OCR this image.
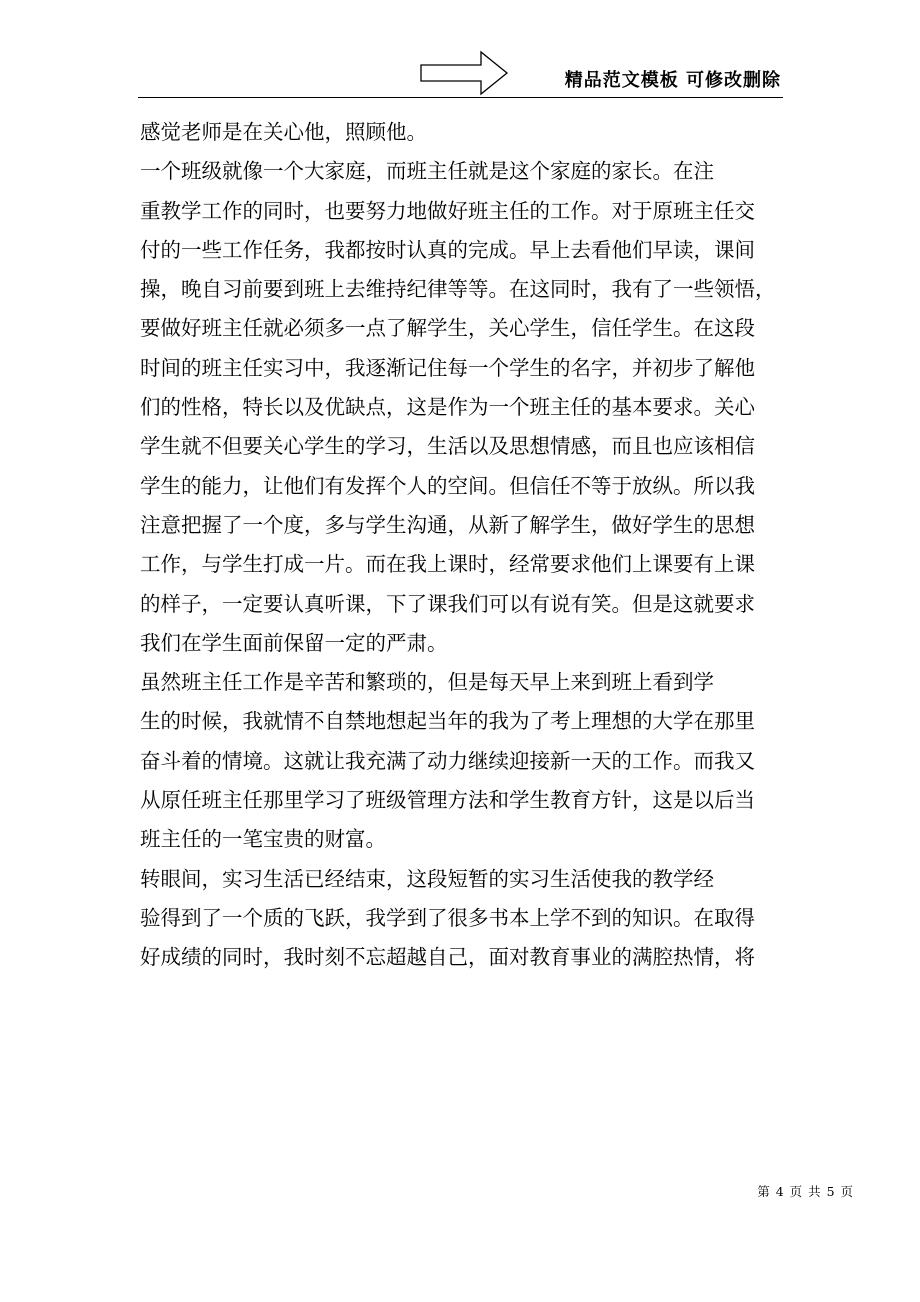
精品范文模板 可修改删除
感觉老师是在关心他，照顾他。
一个班级就像一个大家庭，而班主任就是这个家庭的家长。在注
重教学工作的同时，也要努力地做好班主任的工作。对于原班主任交
付的一些工作任务，我都按时认真的完成。早上去看他们早读，课间
操，晚自习前要到班上去维持纪律等等。在这同时，我有了一些领悟，
要做好班主任就必须多一点了解学生，关心学生，信任学生。在这段
时间的班主任实习中，我逐渐记住每一个学生的名字，并初步了解他
们的性格，特长以及优缺点，这是作为一个班主任的基本要求。关心
学生就不但要关心学生的学习，生活以及思想情感，而且也应该相信
学生的能力，让他们有发挥个人的空间。但信任不等于放纵。所以我
注意把握了一个度，多与学生沟通，从新了解学生，做好学生的思想
工作，与学生打成一片。而在我上课时，经常要求他们上课要有上课
的样子，一定要认真听课，下了课我们可以有说有笑。但是这就要求
我们在学生面前保留一定的严肃。
虽然班主任工作是辛苦和繁琐的，但是每天早上来到班上看到学
生的时候，我就情不自禁地想起当年的我为了考上理想的大学在那里
奋斗着的情境。这就让我充满了动力继续迎接新一天的工作。而我又
从原任班主任那里学习了班级管理方法和学生教育方针，这是以后当
班主任的一笔宝贵的财富。
转眼间，实习生活已经结束，这段短暂的实习生活使我的教学经
验得到了一个质的飞跃，我学到了很多书本上学不到的知识。在取得
好成绩的同时，我时刻不忘超越自己，面对教育事业的满腔热情，将
第 4 页 共 5 页
